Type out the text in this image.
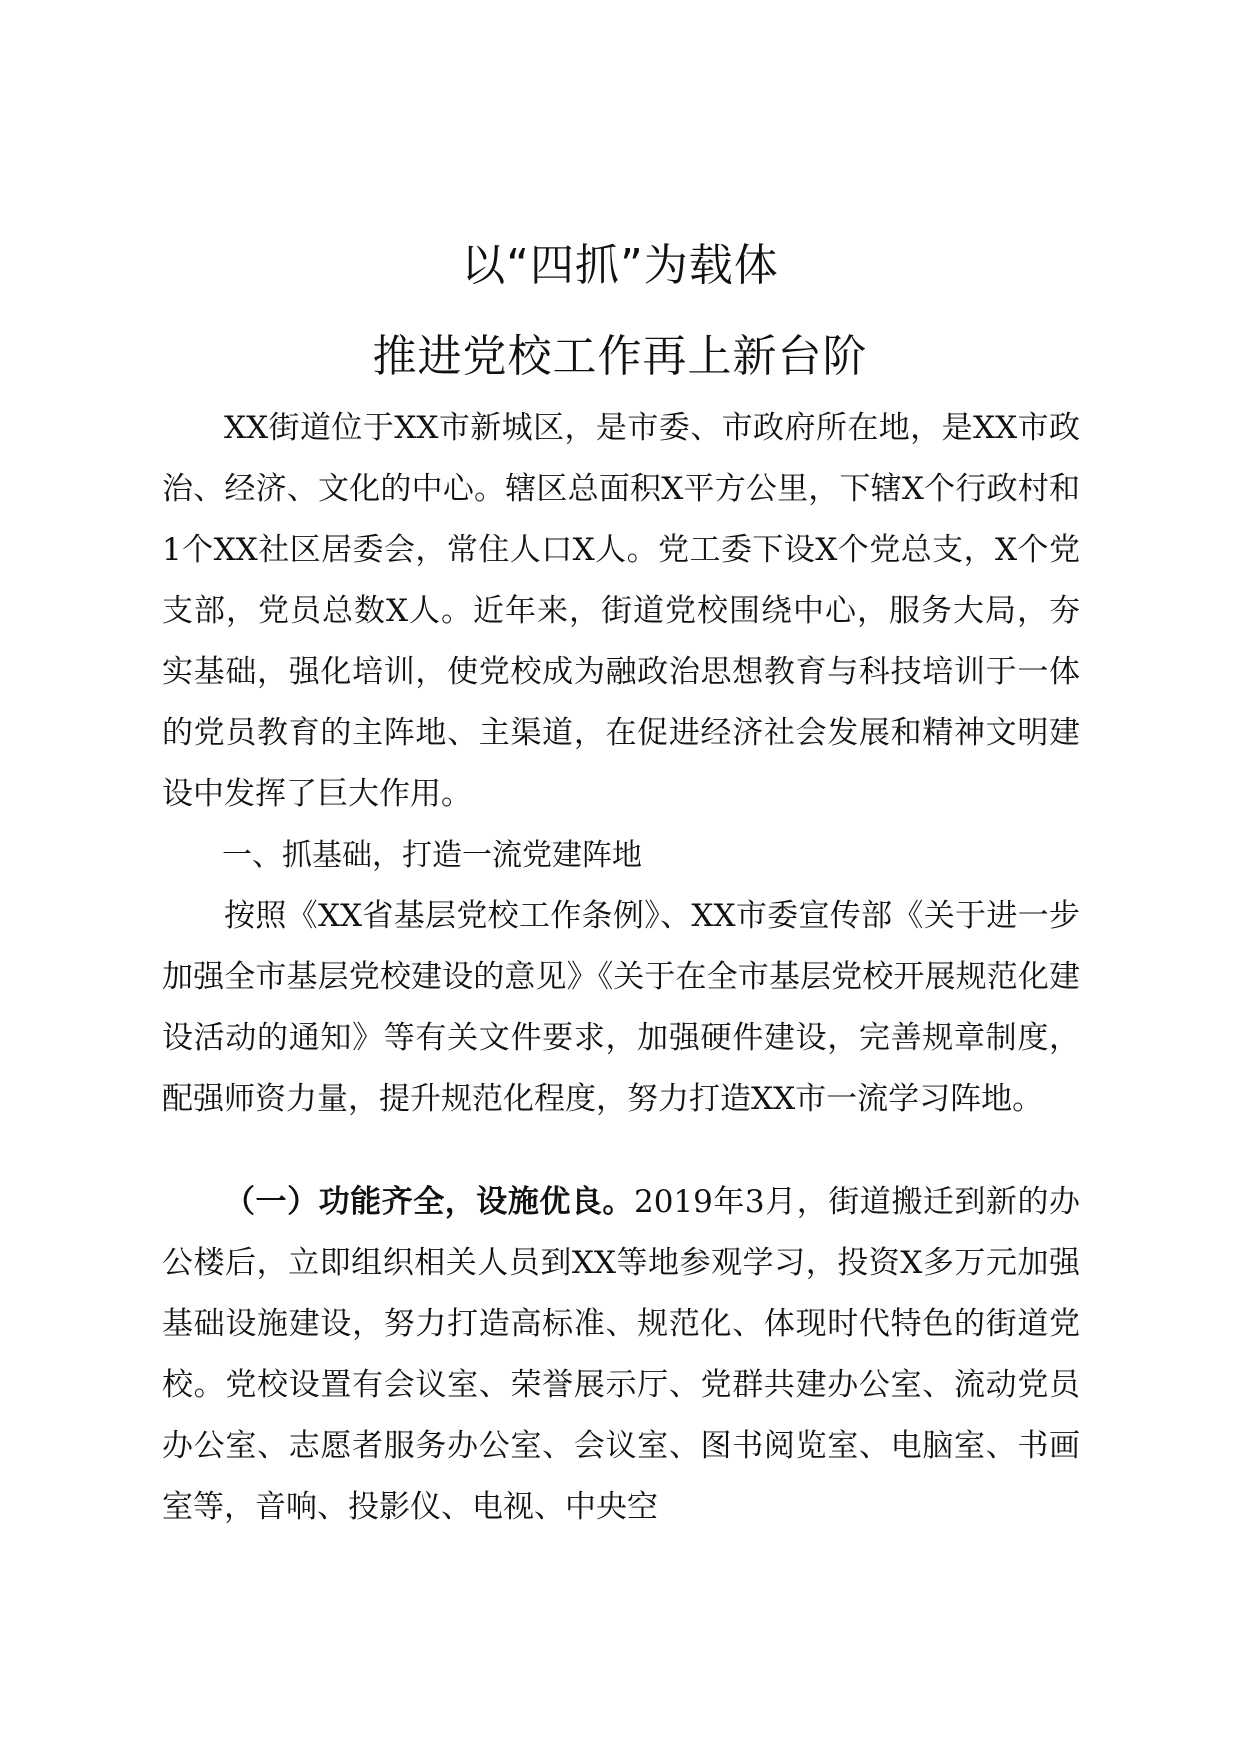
以“四抓”为载体
推进党校工作再上新台阶

XX街道位于XX市新城区，是市委、市政府所在地，是XX市政治、经济、文化的中心。辖区总面积X平方公里，下辖X个行政村和1个XX社区居委会，常住人口X人。党工委下设X个党总支，X个党支部，党员总数X人。近年来，街道党校围绕中心，服务大局，夯实基础，强化培训，使党校成为融政治思想教育与科技培训于一体的党员教育的主阵地、主渠道，在促进经济社会发展和精神文明建设中发挥了巨大作用。

一、抓基础，打造一流党建阵地

按照《XX省基层党校工作条例》、XX市委宣传部《关于进一步加强全市基层党校建设的意见》《关于在全市基层党校开展规范化建设活动的通知》等有关文件要求，加强硬件建设，完善规章制度，配强师资力量，提升规范化程度，努力打造XX市一流学习阵地。

（一）功能齐全，设施优良。2019年3月，街道搬迁到新的办公楼后，立即组织相关人员到XX等地参观学习，投资X多万元加强基础设施建设，努力打造高标准、规范化、体现时代特色的街道党校。党校设置有会议室、荣誉展示厅、党群共建办公室、流动党员办公室、志愿者服务办公室、会议室、图书阅览室、电脑室、书画室等，音响、投影仪、电视、中央空
